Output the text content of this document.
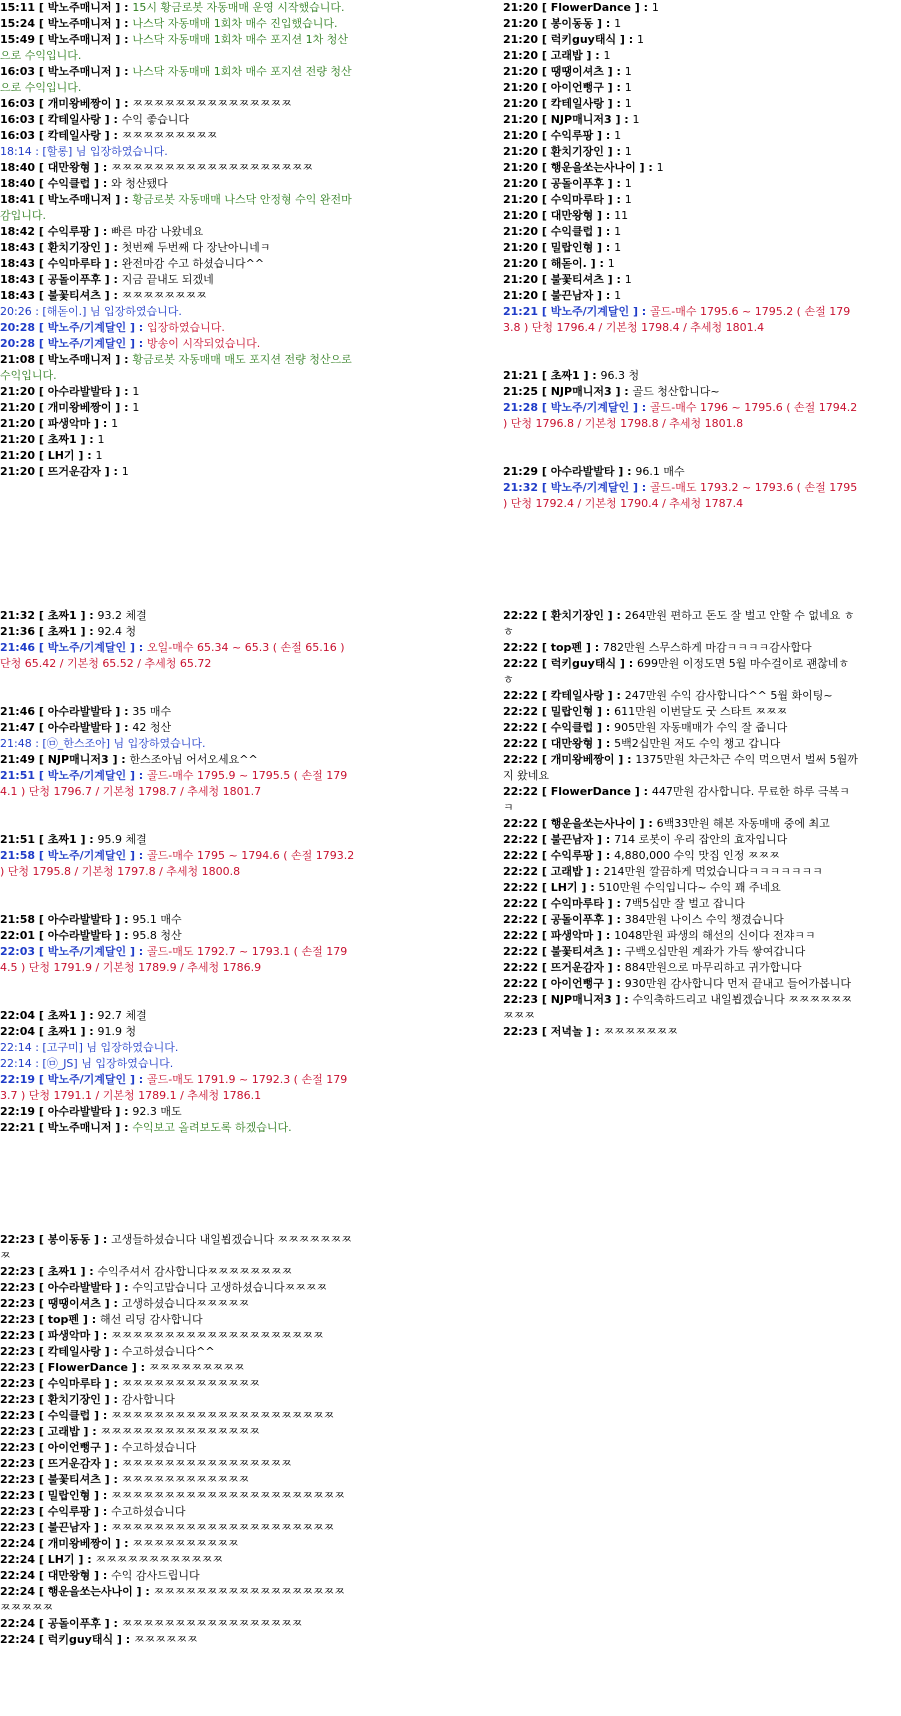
15:11 [ 박노주매니저 ] : 15시 황금로봇 자동매매 운영 시작했습니다.
15:24 [ 박노주매니저 ] : 나스닥 자동매매 1회차 매수 진입했습니다.
15:49 [ 박노주매니저 ] : 나스닥 자동매매 1회차 매수 포지션 1차 청산으로 수익입니다.
16:03 [ 박노주매니저 ] : 나스닥 자동매매 1회차 매수 포지션 전량 청산으로 수익입니다.
16:03 [ 개미왕베짱이 ] : ㅉㅉㅉㅉㅉㅉㅉㅉㅉㅉㅉㅉㅉㅉㅉ
16:03 [ 칵테일사랑 ] : 수익 좋습니다
16:03 [ 칵테일사랑 ] : ㅉㅉㅉㅉㅉㅉㅉㅉㅉ
18:14 : [할롱] 님 입장하였습니다.
18:40 [ 대만왕형 ] : ㅉㅉㅉㅉㅉㅉㅉㅉㅉㅉㅉㅉㅉㅉㅉㅉㅉㅉㅉ
18:40 [ 수익클럽 ] : 와 청산됐다
18:41 [ 박노주매니저 ] : 황금로봇 자동매매 나스닥 안정형 수익 완전마감입니다.
18:42 [ 수익루팡 ] : 빠른 마감 나왔네요
18:43 [ 환치기장인 ] : 첫번째 두번째 다 장난아니네ㅋ
18:43 [ 수익마루타 ] : 완전마감 수고 하셨습니다^^
18:43 [ 공돌이푸후 ] : 지금 끝내도 되겠네
18:43 [ 불꽃티셔츠 ] : ㅉㅉㅉㅉㅉㅉㅉㅉ
20:26 : [해돋이.] 님 입장하였습니다.
20:28 [ 박노주/기계달인 ] : 입장하였습니다.
20:28 [ 박노주/기계달인 ] : 방송이 시작되었습니다.
21:08 [ 박노주매니저 ] : 황금로봇 자동매매 매도 포지션 전량 청산으로 수익입니다.
21:20 [ 아수라발발타 ] : 1
21:20 [ 개미왕베짱이 ] : 1
21:20 [ 파생악마 ] : 1
21:20 [ 초짜1 ] : 1
21:20 [ LH기 ] : 1
21:20 [ 뜨거운감자 ] : 1
21:20 [ FlowerDance ] : 1
21:20 [ 봉이동동 ] : 1
21:20 [ 럭키guy태식 ] : 1
21:20 [ 고래밥 ] : 1
21:20 [ 땡땡이셔츠 ] : 1
21:20 [ 아이언뻥구 ] : 1
21:20 [ 칵테일사랑 ] : 1
21:20 [ NJP매니저3 ] : 1
21:20 [ 수익루팡 ] : 1
21:20 [ 환치기장인 ] : 1
21:20 [ 행운을쏘는사나이 ] : 1
21:20 [ 공돌이푸후 ] : 1
21:20 [ 수익마루타 ] : 1
21:20 [ 대만왕형 ] : 11
21:20 [ 수익클럽 ] : 1
21:20 [ 밀랍인형 ] : 1
21:20 [ 해돋이. ] : 1
21:20 [ 불꽃티셔츠 ] : 1
21:20 [ 불끈남자 ] : 1
21:21 [ 박노주/기계달인 ] : 골드-매수 1795.6 ~ 1795.2 ( 손절 1793.8 ) 단청 1796.4 / 기본청 1798.4 / 추세청 1801.4
21:21 [ 초짜1 ] : 96.3 청
21:25 [ NJP매니저3 ] : 골드 청산합니다~
21:28 [ 박노주/기계달인 ] : 골드-매수 1796 ~ 1795.6 ( 손절 1794.2 ) 단청 1796.8 / 기본청 1798.8 / 추세청 1801.8
21:29 [ 아수라발발타 ] : 96.1 매수
21:32 [ 박노주/기계달인 ] : 골드-매도 1793.2 ~ 1793.6 ( 손절 1795 ) 단청 1792.4 / 기본청 1790.4 / 추세청 1787.4
21:32 [ 초짜1 ] : 93.2 체결
21:36 [ 초짜1 ] : 92.4 청
21:46 [ 박노주/기계달인 ] : 오일-매수 65.34 ~ 65.3 ( 손절 65.16 ) 단청 65.42 / 기본청 65.52 / 추세청 65.72
21:46 [ 아수라발발타 ] : 35 매수
21:47 [ 아수라발발타 ] : 42 청산
21:48 : [㉤_한스조아] 님 입장하였습니다.
21:49 [ NJP매니저3 ] : 한스조아님 어서오세요^^
21:51 [ 박노주/기계달인 ] : 골드-매수 1795.9 ~ 1795.5 ( 손절 1794.1 ) 단청 1796.7 / 기본청 1798.7 / 추세청 1801.7
21:51 [ 초짜1 ] : 95.9 체결
21:58 [ 박노주/기계달인 ] : 골드-매수 1795 ~ 1794.6 ( 손절 1793.2 ) 단청 1795.8 / 기본청 1797.8 / 추세청 1800.8
21:58 [ 아수라발발타 ] : 95.1 매수
22:01 [ 아수라발발타 ] : 95.8 청산
22:03 [ 박노주/기계달인 ] : 골드-매도 1792.7 ~ 1793.1 ( 손절 1794.5 ) 단청 1791.9 / 기본청 1789.9 / 추세청 1786.9
22:04 [ 초짜1 ] : 92.7 체결
22:04 [ 초짜1 ] : 91.9 청
22:14 : [고구미] 님 입장하였습니다.
22:14 : [㉤_JS] 님 입장하였습니다.
22:19 [ 박노주/기계달인 ] : 골드-매도 1791.9 ~ 1792.3 ( 손절 1793.7 ) 단청 1791.1 / 기본청 1789.1 / 추세청 1786.1
22:19 [ 아수라발발타 ] : 92.3 매도
22:21 [ 박노주매니저 ] : 수익보고 올려보도록 하겠습니다.
22:22 [ 환치기장인 ] : 264만원 편하고 돈도 잘 벌고 안할 수 없네요 ㅎㅎ
22:22 [ top펜 ] : 782만원 스무스하게 마감ㅋㅋㅋㅋ감사합다
22:22 [ 럭키guy태식 ] : 699만원 이정도면 5월 마수걸이로 괜찮네ㅎㅎ
22:22 [ 칵테일사랑 ] : 247만원 수익 감사합니다^^ 5월 화이팅~
22:22 [ 밀랍인형 ] : 611만원 이번달도 굿 스타트 ㅉㅉㅉ
22:22 [ 수익클럽 ] : 905만원 자동매매가 수익 잘 줍니다
22:22 [ 대만왕형 ] : 5백2십만원 저도 수익 챙고 갑니다
22:22 [ 개미왕베짱이 ] : 1375만원 차근차근 수익 먹으면서 벌써 5월까지 왔네요
22:22 [ FlowerDance ] : 447만원 감사합니다. 무료한 하루 극복ㅋㅋ
22:22 [ 행운을쏘는사나이 ] : 6백33만원 해본 자동매매 중에 최고
22:22 [ 불끈남자 ] : 714 로봇이 우리 잡안의 효자입니다
22:22 [ 수익루팡 ] : 4,880,000 수익 맛집 인정 ㅉㅉㅉ
22:22 [ 고래밥 ] : 214만원 깔끔하게 먹었습니다ㅋㅋㅋㅋㅋㅋㅋ
22:22 [ LH기 ] : 510만원 수익입니다~ 수익 꽤 주네요
22:22 [ 수익마루타 ] : 7백5십만 잘 벌고 잡니다
22:22 [ 공돌이푸후 ] : 384만원 나이스 수익 챙겼습니다
22:22 [ 파생악마 ] : 1048만원 파생의 해선의 신이다 전쟈ㅋㅋ
22:22 [ 불꽃티셔츠 ] : 구백오십만원 계좌가 가득 쌓여갑니다
22:22 [ 뜨거운감자 ] : 884만원으로 마무리하고 귀가합니다
22:22 [ 아이언뻥구 ] : 930만원 감사합니다 먼저 끝내고 들어가봅니다
22:23 [ NJP매니저3 ] : 수익축하드리고 내일뵙겠습니다 ㅉㅉㅉㅉㅉㅉㅉㅉㅉ
22:23 [ 저녁놀 ] : ㅉㅉㅉㅉㅉㅉㅉ
22:23 [ 봉이동동 ] : 고생들하셨습니다 내일뵙겠습니다 ㅉㅉㅉㅉㅉㅉㅉㅉ
22:23 [ 초짜1 ] : 수익주셔서 감사합니다ㅉㅉㅉㅉㅉㅉㅉㅉ
22:23 [ 아수라발발타 ] : 수익고맙습니다 고생하셨습니다ㅉㅉㅉㅉ
22:23 [ 땡땡이셔츠 ] : 고생하셨습니다ㅉㅉㅉㅉㅉ
22:23 [ top펜 ] : 해선 리딩 감사합니다
22:23 [ 파생악마 ] : ㅉㅉㅉㅉㅉㅉㅉㅉㅉㅉㅉㅉㅉㅉㅉㅉㅉㅉㅉㅉ
22:23 [ 칵테일사랑 ] : 수고하셨습니다^^
22:23 [ FlowerDance ] : ㅉㅉㅉㅉㅉㅉㅉㅉㅉ
22:23 [ 수익마루타 ] : ㅉㅉㅉㅉㅉㅉㅉㅉㅉㅉㅉㅉㅉ
22:23 [ 환치기장인 ] : 감사합니다
22:23 [ 수익클럽 ] : ㅉㅉㅉㅉㅉㅉㅉㅉㅉㅉㅉㅉㅉㅉㅉㅉㅉㅉㅉㅉㅉ
22:23 [ 고래밥 ] : ㅉㅉㅉㅉㅉㅉㅉㅉㅉㅉㅉㅉㅉㅉㅉ
22:23 [ 아이언뻥구 ] : 수고하셨습니다
22:23 [ 뜨거운감자 ] : ㅉㅉㅉㅉㅉㅉㅉㅉㅉㅉㅉㅉㅉㅉㅉㅉ
22:23 [ 불꽃티셔츠 ] : ㅉㅉㅉㅉㅉㅉㅉㅉㅉㅉㅉㅉ
22:23 [ 밀랍인형 ] : ㅉㅉㅉㅉㅉㅉㅉㅉㅉㅉㅉㅉㅉㅉㅉㅉㅉㅉㅉㅉㅉㅉ
22:23 [ 수익루팡 ] : 수고하셨습니다
22:23 [ 불끈남자 ] : ㅉㅉㅉㅉㅉㅉㅉㅉㅉㅉㅉㅉㅉㅉㅉㅉㅉㅉㅉㅉㅉ
22:24 [ 개미왕베짱이 ] : ㅉㅉㅉㅉㅉㅉㅉㅉㅉㅉ
22:24 [ LH기 ] : ㅉㅉㅉㅉㅉㅉㅉㅉㅉㅉㅉㅉ
22:24 [ 대만왕형 ] : 수익 감사드립니다
22:24 [ 행운을쏘는사나이 ] : ㅉㅉㅉㅉㅉㅉㅉㅉㅉㅉㅉㅉㅉㅉㅉㅉㅉㅉㅉㅉㅉㅉㅉ
22:24 [ 공돌이푸후 ] : ㅉㅉㅉㅉㅉㅉㅉㅉㅉㅉㅉㅉㅉㅉㅉㅉㅉ
22:24 [ 럭키guy태식 ] : ㅉㅉㅉㅉㅉㅉ
